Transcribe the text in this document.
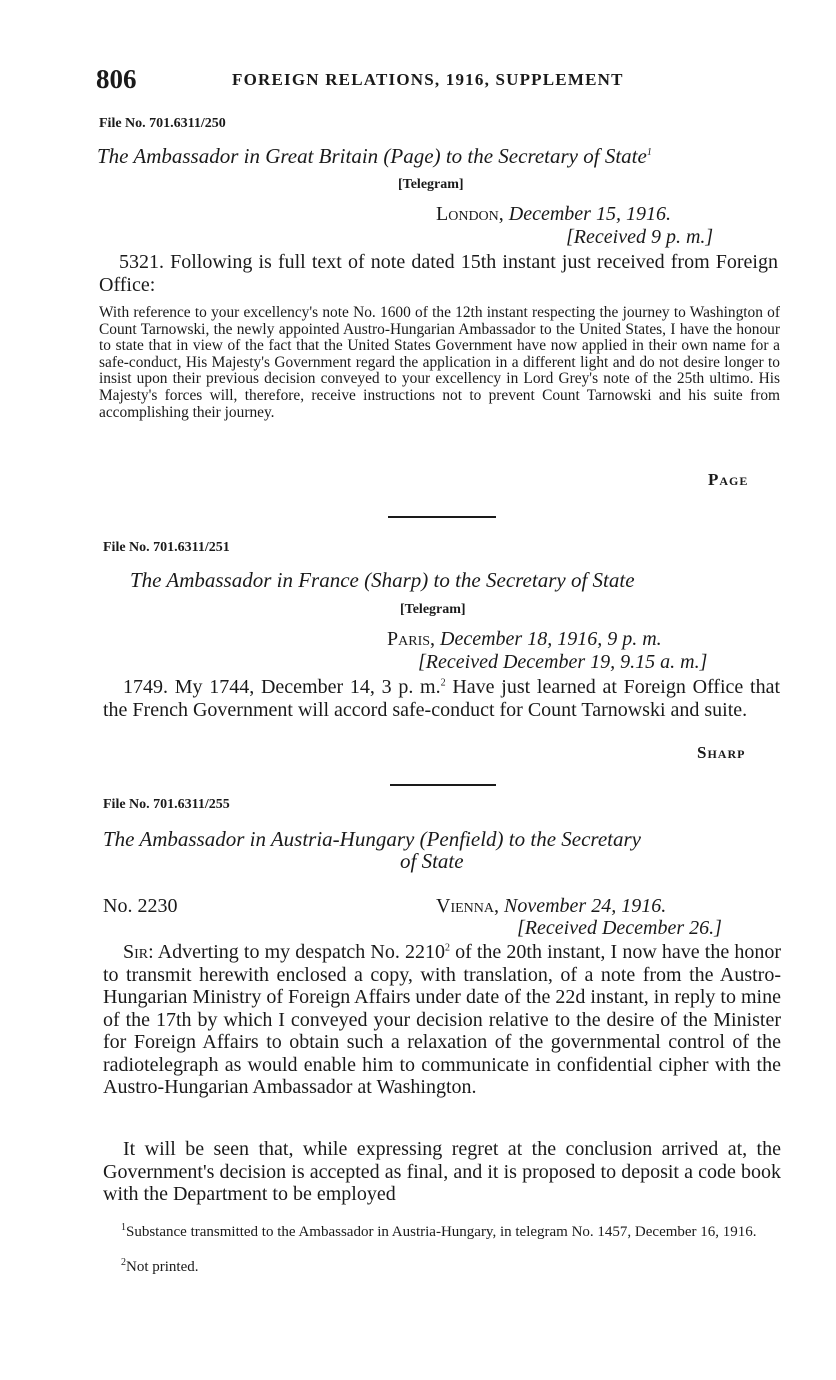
806	FOREIGN RELATIONS, 1916, SUPPLEMENT
File No. 701.6311/250
The Ambassador in Great Britain (Page) to the Secretary of State$^1$
[Telegram]
London, December 15, 1916.
[Received 9 p. m.]
5321. Following is full text of note dated 15th instant just received from Foreign Office:
With reference to your excellency's note No. 1600 of the 12th instant respecting the journey to Washington of Count Tarnowski, the newly appointed Austro-Hungarian Ambassador to the United States, I have the honour to state that in view of the fact that the United States Government have now applied in their own name for a safe-conduct, His Majesty's Government regard the application in a different light and do not desire longer to insist upon their previous decision conveyed to your excellency in Lord Grey's note of the 25th ultimo. His Majesty's forces will, therefore, receive instructions not to prevent Count Tarnowski and his suite from accomplishing their journey.
Page
File No. 701.6311/251
The Ambassador in France (Sharp) to the Secretary of State
[Telegram]
Paris, December 18, 1916, 9 p. m.
[Received December 19, 9.15 a. m.]
1749. My 1744, December 14, 3 p. m.$^2$ Have just learned at Foreign Office that the French Government will accord safe-conduct for Count Tarnowski and suite.
Sharp
File No. 701.6311/255
The Ambassador in Austria-Hungary (Penfield) to the Secretary
of State
No. 2230	Vienna, November 24, 1916.
[Received December 26.]
Sir: Adverting to my despatch No. 2210$^2$ of the 20th instant, I now have the honor to transmit herewith enclosed a copy, with translation, of a note from the Austro-Hungarian Ministry of Foreign Affairs under date of the 22d instant, in reply to mine of the 17th by which I conveyed your decision relative to the desire of the Minister for Foreign Affairs to obtain such a relaxation of the governmental control of the radiotelegraph as would enable him to communicate in confidential cipher with the Austro-Hungarian Ambassador at Washington.
It will be seen that, while expressing regret at the conclusion arrived at, the Government's decision is accepted as final, and it is proposed to deposit a code book with the Department to be employed
$^1$Substance transmitted to the Ambassador in Austria-Hungary, in telegram No. 1457, December 16, 1916.
$^2$Not printed.
